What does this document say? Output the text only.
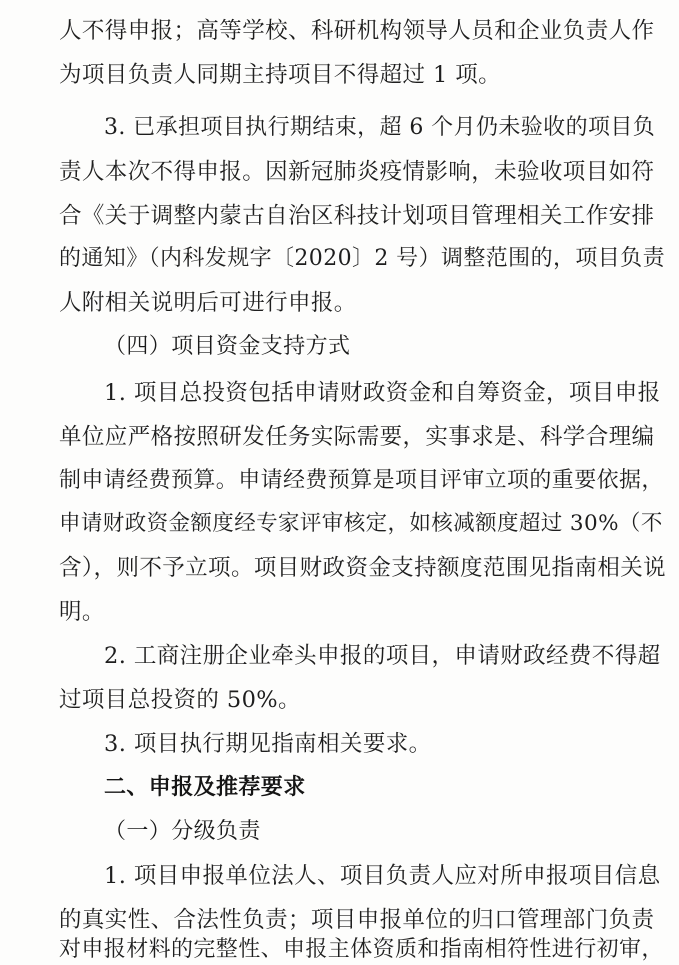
人不得申报；高等学校、科研机构领导人员和企业负责人作
为项目负责人同期主持项目不得超过 1 项。
3. 已承担项目执行期结束，超 6 个月仍未验收的项目负
责人本次不得申报。因新冠肺炎疫情影响，未验收项目如符
合《关于调整内蒙古自治区科技计划项目管理相关工作安排
的通知》（内科发规字〔2020〕2 号）调整范围的，项目负责
人附相关说明后可进行申报。
（四）项目资金支持方式
1. 项目总投资包括申请财政资金和自筹资金，项目申报
单位应严格按照研发任务实际需要，实事求是、科学合理编
制申请经费预算。申请经费预算是项目评审立项的重要依据，
申请财政资金额度经专家评审核定，如核减额度超过 30%（不
含），则不予立项。项目财政资金支持额度范围见指南相关说
明。
2. 工商注册企业牵头申报的项目，申请财政经费不得超
过项目总投资的 50%。
3. 项目执行期见指南相关要求。
二、申报及推荐要求
（一）分级负责
1. 项目申报单位法人、项目负责人应对所申报项目信息
的真实性、合法性负责；项目申报单位的归口管理部门负责
对申报材料的完整性、申报主体资质和指南相符性进行初审，
